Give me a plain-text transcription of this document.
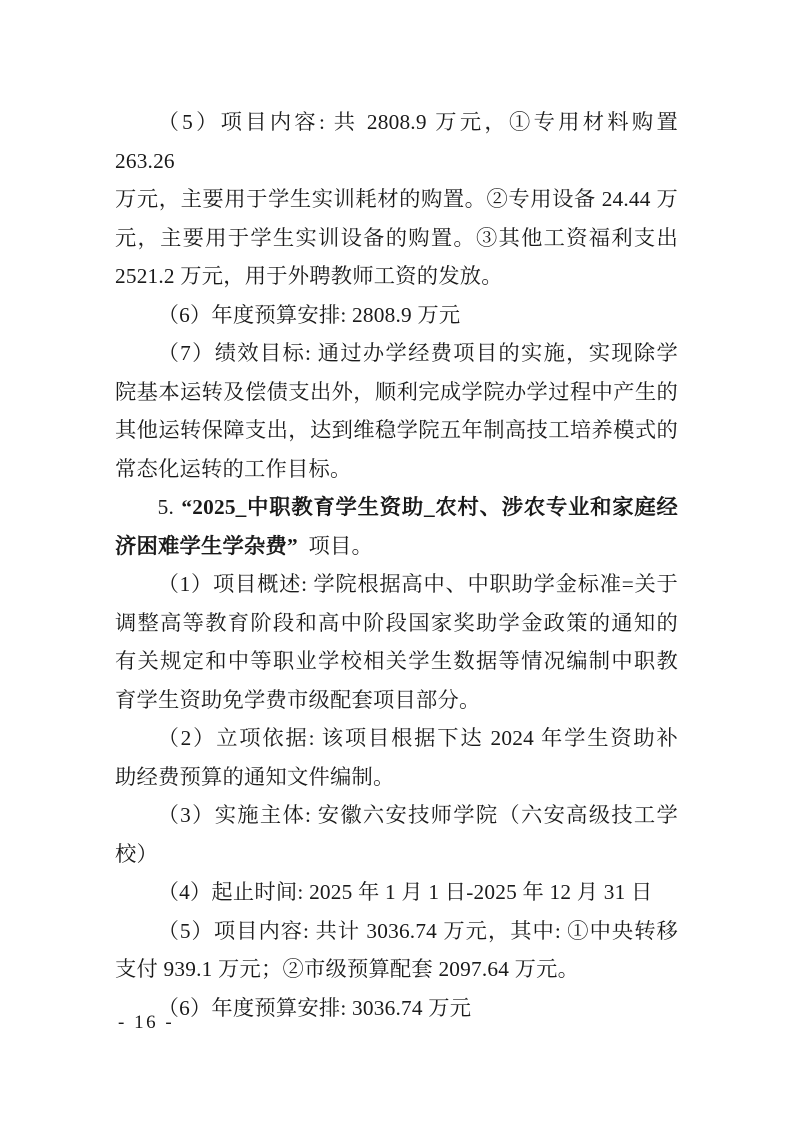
（5）项目内容: 共 2808.9 万元，①专用材料购置 263.26
万元，主要用于学生实训耗材的购置。②专用设备 24.44 万
元，主要用于学生实训设备的购置。③其他工资福利支出
2521.2 万元，用于外聘教师工资的发放。
（6）年度预算安排: 2808.9 万元
（7）绩效目标: 通过办学经费项目的实施，实现除学
院基本运转及偿债支出外，顺利完成学院办学过程中产生的
其他运转保障支出，达到维稳学院五年制高技工培养模式的
常态化运转的工作目标。
5. “2025_中职教育学生资助_农村、涉农专业和家庭经
济困难学生学杂费” 项目。
（1）项目概述: 学院根据高中、中职助学金标准=关于
调整高等教育阶段和高中阶段国家奖助学金政策的通知的
有关规定和中等职业学校相关学生数据等情况编制中职教
育学生资助免学费市级配套项目部分。
（2）立项依据: 该项目根据下达 2024 年学生资助补
助经费预算的通知文件编制。
（3）实施主体: 安徽六安技师学院（六安高级技工学
校）
（4）起止时间: 2025 年 1 月 1 日-2025 年 12 月 31 日
（5）项目内容: 共计 3036.74 万元，其中: ①中央转移
支付 939.1 万元；②市级预算配套 2097.64 万元。
（6）年度预算安排: 3036.74 万元
- 16 -
